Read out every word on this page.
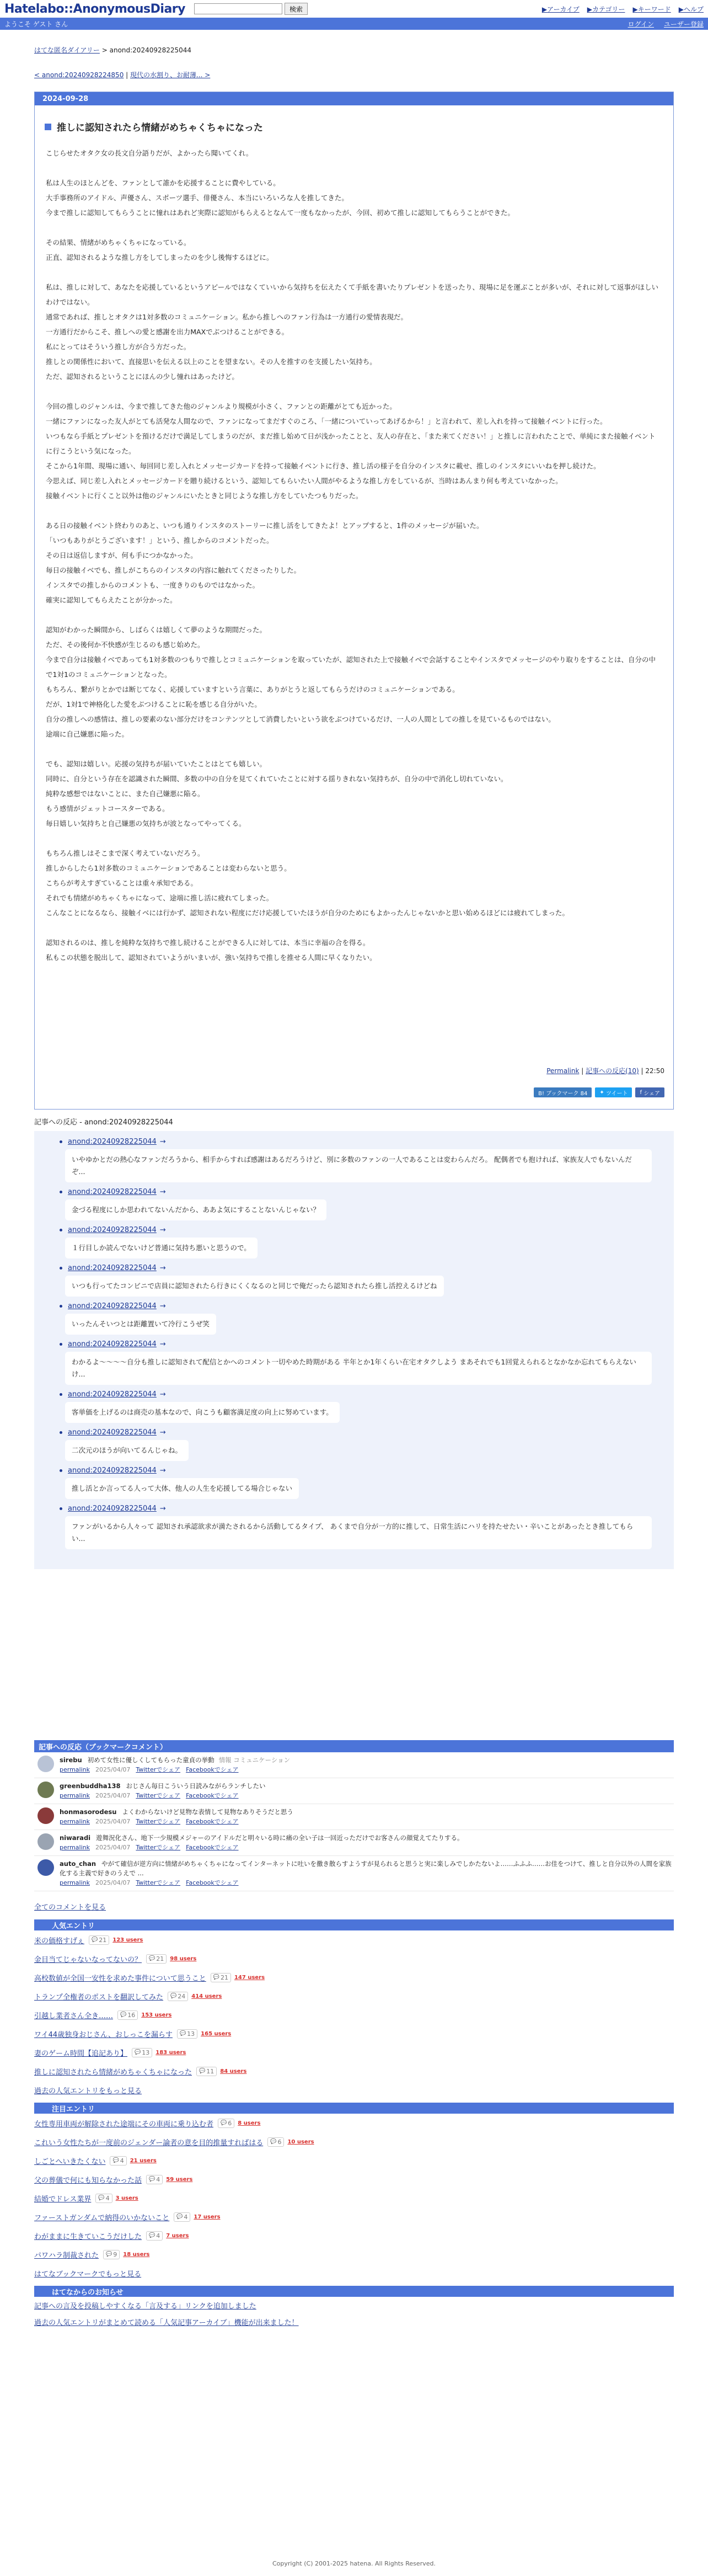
Hatelabo::AnonymousDiary	検索	▶アーカイブ ▶カテゴリー ▶キーワード ▶ヘルプ
ようこそ ゲスト さん	ログイン ユーザー登録
はてな匿名ダイアリー > anond:20240928225044
< anond:20240928224850 | 現代の水割り、お耐薄... >
2024-09-28
推しに認知されたら情緒がめちゃくちゃになった

こじらせたオタク女の長文自分語りだが、よかったら聞いてくれ。

私は人生のほとんどを、ファンとして誰かを応援することに費やしている。

大手事務所のアイドル、声優さん、スポーツ選手、俳優さん、本当にいろいろな人を推してきた。

今まで推しに認知してもらうことに憧れはあれど実際に認知がもらえるとなんて一度もなかったが、今回、初めて推しに認知してもらうことができた。

その結果、情緒がめちゃくちゃになっている。

正直、認知されるような推し方をしてしまったのを少し後悔するほどに。

私は、推しに対して、あなたを応援しているというアピールではなくていいから気持ちを伝えたくて手紙を書いたりプレゼントを送ったり、現場に足を運ぶことが多いが、それに対して返事がほしいわけではない。

通常であれば、推しとオタクは1対多数のコミュニケーション。私から推しへのファン行為は一方通行の愛情表現だ。

一方通行だからこそ、推しへの愛と感謝を出力MAXでぶつけることができる。

私にとってはそういう推し方が合う方だった。

推しとの関係性において、直接思いを伝える以上のことを望まない。その人を推すのを支援したい気持ち。

ただ、認知されるということにほんの少し憧れはあったけど。

今回の推しのジャンルは、今まで推してきた他のジャンルより規模が小さく、ファンとの距離がとても近かった。

一緒にファンになった友人がとても活発な人間なので、ファンになってまだすぐのころ、「一緒についていってあげるから！」と言われて、差し入れを持って接触イベントに行った。

いつもなら手紙とプレゼントを預けるだけで満足してしまうのだが、まだ推し始めて日が浅かったことと、友人の存在と、「また来てください！」と推しに言われたことで、単純にまた接触イベントに行こうという気になった。

そこから1年間、現場に通い、毎回同じ差し入れとメッセージカードを持って接触イベントに行き、推し活の様子を自分のインスタに載せ、推しのインスタにいいねを押し続けた。

今思えば、同じ差し入れとメッセージカードを贈り続けるという、認知してもらいたい人間がやるような推し方をしているが、当時はあんまり何も考えていなかった。

接触イベントに行くこと以外は他のジャンルにいたときと同じような推し方をしていたつもりだった。

ある日の接触イベント終わりのあと、いつも通りインスタのストーリーに推し活をしてきたよ！とアップすると、1件のメッセージが届いた。

「いつもありがとうございます！」という、推しからのコメントだった。

その日は返信しますが、何も手につかなかった。

毎日の接触イベでも、推しがこちらのインスタの内容に触れてくださったりした。

インスタでの推しからのコメントも、一度きりのものではなかった。

確実に認知してもらえたことが分かった。

認知がわかった瞬間から、しばらくは嬉しくて夢のような期間だった。

ただ、その後何か不快感が生じるのも感じ始めた。

今まで自分は接触イベであっても1対多数のつもりで推しとコミュニケーションを取っていたが、認知された上で接触イベで会話することやインスタでメッセージのやり取りをすることは、自分の中で1対1のコミュニケーションとなった。

もちろん、繋がりとかでは断じてなく、応援していますという言葉に、ありがとうと返してもらうだけのコミュニケーションである。

だが、1対1で神格化した愛をぶつけることに恥を感じる自分がいた。

自分の推しへの感情は、推しの要素のない部分だけをコンテンツとして消費したいという欲をぶつけているだけ、一人の人間としての推しを見ているものではない。

途端に自己嫌悪に陥った。

でも、認知は嬉しい。応援の気持ちが届いていたことはとても嬉しい。

同時に、自分という存在を認識された瞬間、多数の中の自分を見てくれていたことに対する揺りきれない気持ちが、自分の中で消化し切れていない。

純粋な感想ではないことに、また自己嫌悪に陥る。

もう感情がジェットコースターである。

毎日嬉しい気持ちと自己嫌悪の気持ちが波となってやってくる。

もちろん推しはそこまで深く考えていないだろう。

推しからしたら1対多数のコミュニケーションであることは変わらないと思う。

こちらが考えすぎていることは重々承知である。

それでも情緒がめちゃくちゃになって、途端に推し活に疲れてしまった。

こんなことになるなら、接触イベには行かず、認知されない程度にだけ応援していたほうが自分のためにもよかったんじゃないかと思い始めるほどには疲れてしまった。

認知されるのは、推しを純粋な気持ちで推し続けることができる人に対しては、本当に幸福の合を得る。

私もこの状態を脱出して、認知されていようがいまいが、強い気持ちで推しを推せる人間に早くなりたい。

Permalink | 記事への反応(10) | 22:50
B! ブックマーク 84	✦ ツイート f シェア
記事への反応 - anond:20240928225044
anond:20240928225044 →
いやゆかとだの熱心なファンだろうから、相手からすれば感謝はあるだろうけど、別に多数のファンの一人であることは変わらんだろ。 配偶者でも抱ければ、家族友人でもないんだぞ...
anond:20240928225044 →
金づる程度にしか思われてないんだから、ああよ気にすることないんじゃない？
anond:20240928225044 →
１行目しか読んでないけど普通に気持ち悪いと思うので。
anond:20240928225044 →
いつも行ってたコンビニで店員に認知されたら行きにくくなるのと同じで俺だったら認知されたら推し活控えるけどね
anond:20240928225044 →
いったんそいつとは距離置いて冷行こうぜ笑
anond:20240928225044 →
わかるよ〜〜〜〜自分も推しに認知されて配信とかへのコメント一切やめた時期がある 半年とか1年くらい在宅オタクしよう まあそれでも1回覚えられるとなかなか忘れてもらえないけ...
anond:20240928225044 →
客単価を上げるのは商売の基本なので、向こうも顧客満足度の向上に努めています。
anond:20240928225044 →
二次元のほうが向いてるんじゃね。
anond:20240928225044 →
推し活とか言ってる人って大体、他人の人生を応援してる場合じゃない
anond:20240928225044 →
ファンがいるから人々って 認知され承認欲求が満たされるから活動してるタイプ、 あくまで自分が一方的に推して、日常生活にハリを持たせたい・辛いことがあったとき推してもらい...
記事への反応（ブックマークコメント）
sirebu 初めて女性に優しくしてもらった童貞の挙動 情報 コミュニケーション
permalink 2025/04/07 Twitterでシェア Facebookでシェア
greenbuddha138 おじさん毎日こういう日読みながらランチしたい
permalink 2025/04/07 Twitterでシェア Facebookでシェア
honmasorodesu よくわからないけど見物な表情して見物なありそうだと思う
permalink 2025/04/07 Twitterでシェア Facebookでシェア
niwaradi 遊舞況化さん、地下一少規模メジャーのアイドルだと明々いる時に痛の全い子は一回近っただけでお客さんの顔覚えてたりする。
permalink 2025/04/07 Twitterでシェア Facebookでシェア
auto_chan やがて確信が逆方向に情緒がめちゃくちゃになってインターネットに吐いを撒き散らすようすが見られると思うと実に楽しみでしかたないよ……ふふふ……お佳をつけて、推しと自分以外の人間を家族化する主義で好きのうえで ...
permalink 2025/04/07 Twitterでシェア Facebookでシェア
全てのコメントを見る
人気エントリ
米の価格すげぇ 💬 21 123 users
金目当てじゃないなってないの？ 💬 21 98 users
高校数値が全国一安性を求めた事件について思うこと 💬 21 147 users
トランプ全権者のポストを翻訳してみた 💬 24 414 users
引越し業者さん全き…… 💬 16 153 users
ワイ44歳独身おじさん、おしっこを漏らす 💬 13 165 users
妻のゲーム時間【追記あり】 💬 13 183 users
推しに認知されたら情緒がめちゃくちゃになった 💬 11 84 users
過去の人気エントリをもっと見る
注目エントリ
女性専用車両が解除された途端にその車両に乗り込む者 💬 6 8 users
これいう女性たちが一度前のジェンダー論者の意を目的推量すればはる 💬 6 10 users
しごとへいきたくない 💬 4 21 users
父の葬儀で何にも知らなかった話 💬 4 59 users
結婚でドレス業界 💬 4 3 users
ファーストガンダムで納得のいかないこと 💬 4 17 users
わがままに生きていこうだけした 💬 4 7 users
パワハラ制裁された 💬 9 18 users
はてなブックマークでもっと見る
はてなからのお知らせ
記事への言及を投稿しやすくなる「言及する」リンクを追加しました
過去の人気エントリがまとめて読める「人気記事アーカイブ」機能が出来ました！
Copyright (C) 2001-2025 hatena. All Rights Reserved.
